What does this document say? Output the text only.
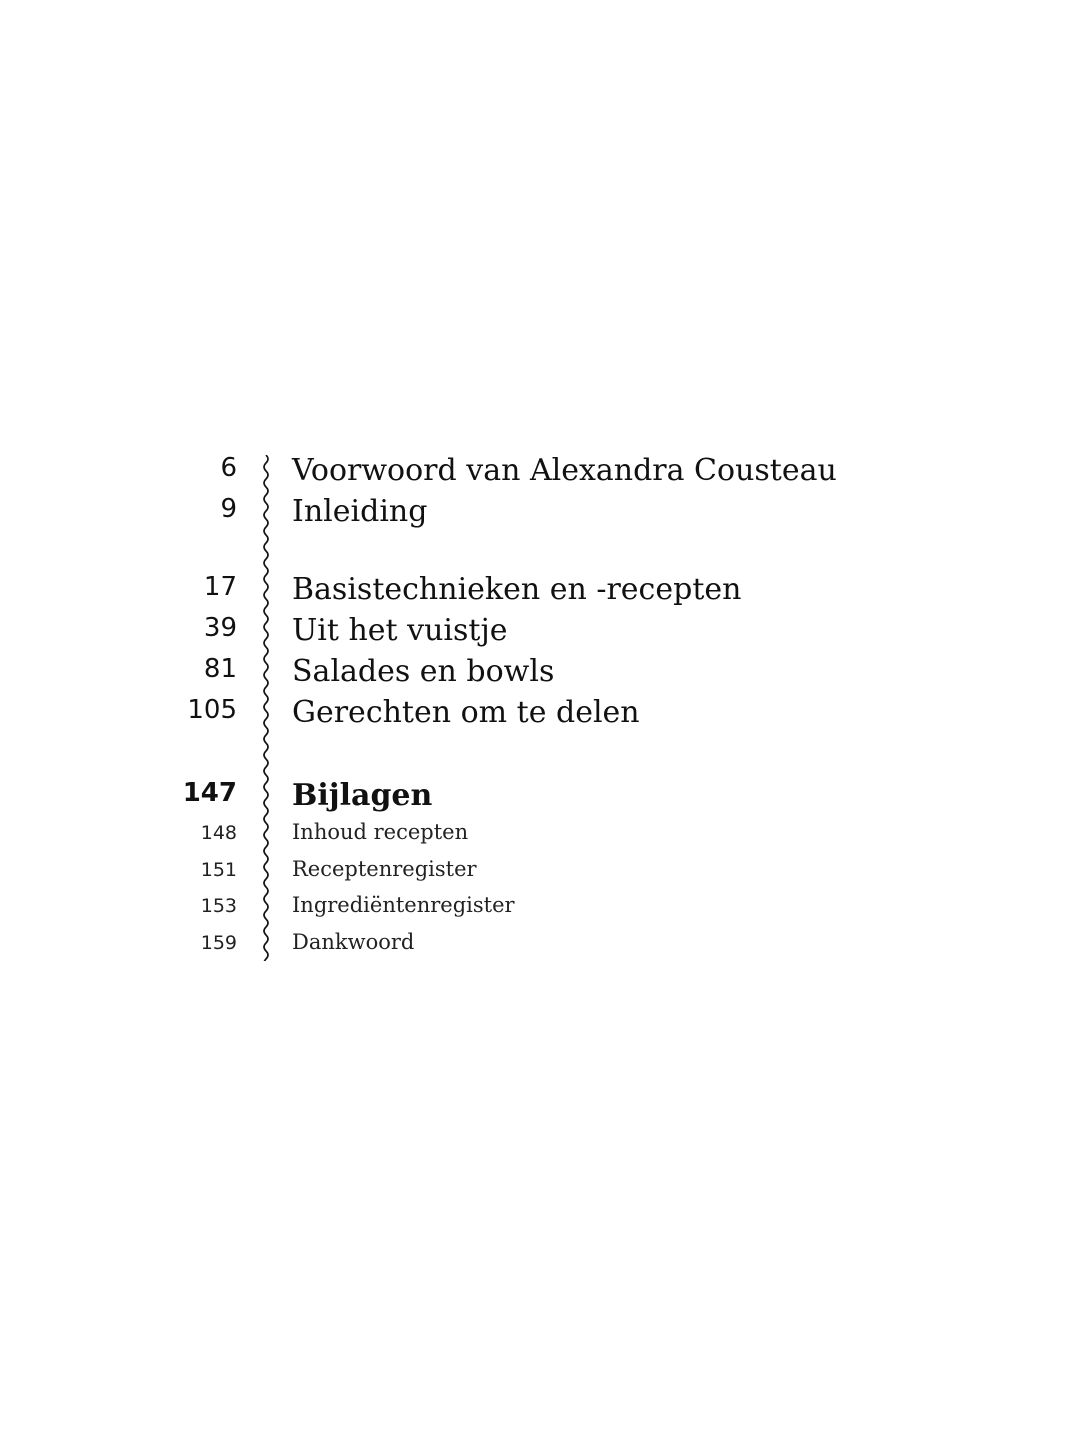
6 Voorwoord van Alexandra Cousteau
9 Inleiding
17 Basistechnieken en -recepten
39 Uit het vuistje
81 Salades en bowls
105 Gerechten om te delen
147 Bijlagen
148	Inhoud recepten
151	Receptenregister
153	Ingrediëntenregister
159	Dankwoord
